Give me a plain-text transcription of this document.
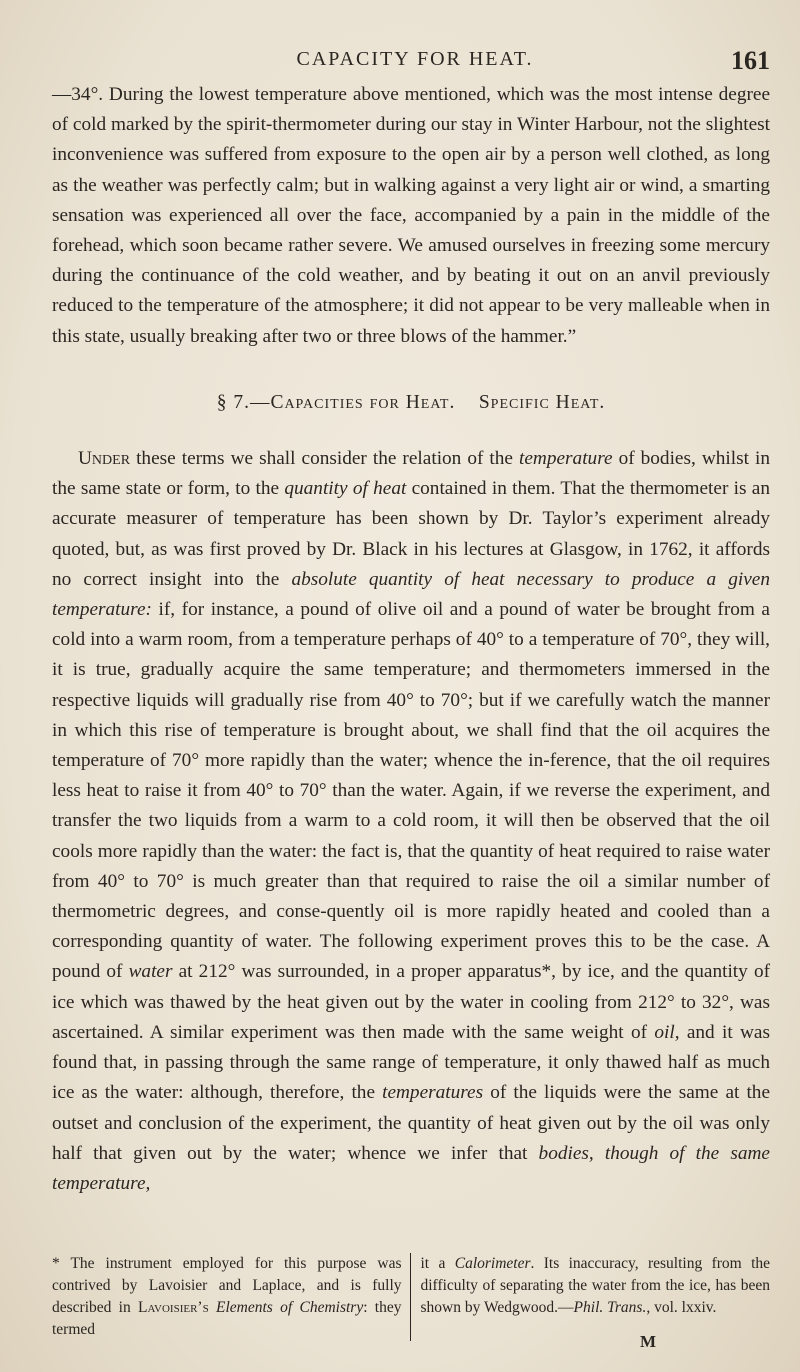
CAPACITY FOR HEAT.	161

—34°. During the lowest temperature above mentioned, which was the most intense degree of cold marked by the spirit-thermometer during our stay in Winter Harbour, not the slightest inconvenience was suffered from exposure to the open air by a person well clothed, as long as the weather was perfectly calm; but in walking against a very light air or wind, a smarting sensation was experienced all over the face, accompanied by a pain in the middle of the forehead, which soon became rather severe. We amused ourselves in freezing some mercury during the continuance of the cold weather, and by beating it out on an anvil previously reduced to the temperature of the atmosphere; it did not appear to be very malleable when in this state, usually breaking after two or three blows of the hammer.”

§ 7.—Capacities for Heat. Specific Heat.

Under these terms we shall consider the relation of the temperature of bodies, whilst in the same state or form, to the quantity of heat contained in them. That the thermometer is an accurate measurer of temperature has been shown by Dr. Taylor’s experiment already quoted, but, as was first proved by Dr. Black in his lectures at Glasgow, in 1762, it affords no correct insight into the absolute quantity of heat necessary to produce a given temperature: if, for instance, a pound of olive oil and a pound of water be brought from a cold into a warm room, from a temperature perhaps of 40° to a temperature of 70°, they will, it is true, gradually acquire the same temperature; and thermometers immersed in the respective liquids will gradually rise from 40° to 70°; but if we carefully watch the manner in which this rise of temperature is brought about, we shall find that the oil acquires the temperature of 70° more rapidly than the water; whence the in-ference, that the oil requires less heat to raise it from 40° to 70° than the water. Again, if we reverse the experiment, and transfer the two liquids from a warm to a cold room, it will then be observed that the oil cools more rapidly than the water: the fact is, that the quantity of heat required to raise water from 40° to 70° is much greater than that required to raise the oil a similar number of thermometric degrees, and conse-quently oil is more rapidly heated and cooled than a corresponding quantity of water. The following experiment proves this to be the case. A pound of water at 212° was surrounded, in a proper apparatus*, by ice, and the quantity of ice which was thawed by the heat given out by the water in cooling from 212° to 32°, was ascertained. A similar experiment was then made with the same weight of oil, and it was found that, in passing through the same range of temperature, it only thawed half as much ice as the water: although, therefore, the temperatures of the liquids were the same at the outset and conclusion of the experiment, the quantity of heat given out by the oil was only half that given out by the water; whence we infer that bodies, though of the same temperature,

* The instrument employed for this purpose was contrived by Lavoisier and Laplace, and is fully described in Lavoisier’s Elements of Chemistry: they termed
it a Calorimeter. Its inaccuracy, resulting from the difficulty of separating the water from the ice, has been shown by Wedgwood.—Phil. Trans., vol. lxxiv.
M
